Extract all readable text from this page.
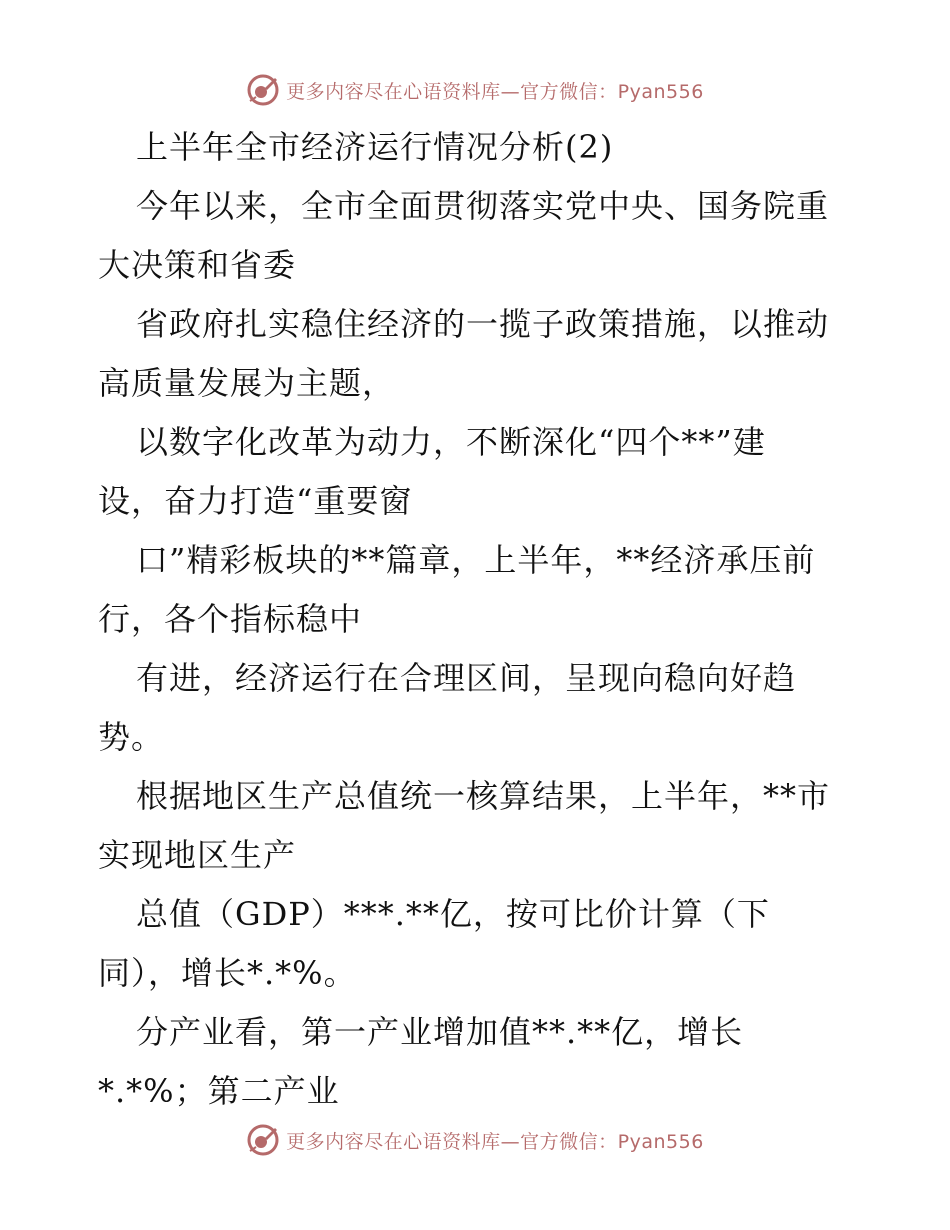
更多内容尽在心语资料库—官方微信：Pyan556
上半年全市经济运行情况分析(2)
今年以来，全市全面贯彻落实党中央、国务院重
大决策和省委
省政府扎实稳住经济的一揽子政策措施，以推动
高质量发展为主题，
以数字化改革为动力，不断深化“四个**”建
设，奋力打造“重要窗
口”精彩板块的**篇章，上半年，**经济承压前
行，各个指标稳中
有进，经济运行在合理区间，呈现向稳向好趋
势。
根据地区生产总值统一核算结果，上半年，**市
实现地区生产
总值（GDP）***.**亿，按可比价计算（下
同），增长*.*%。
分产业看，第一产业增加值**.**亿，增长
*.*%；第二产业
更多内容尽在心语资料库—官方微信：Pyan556
